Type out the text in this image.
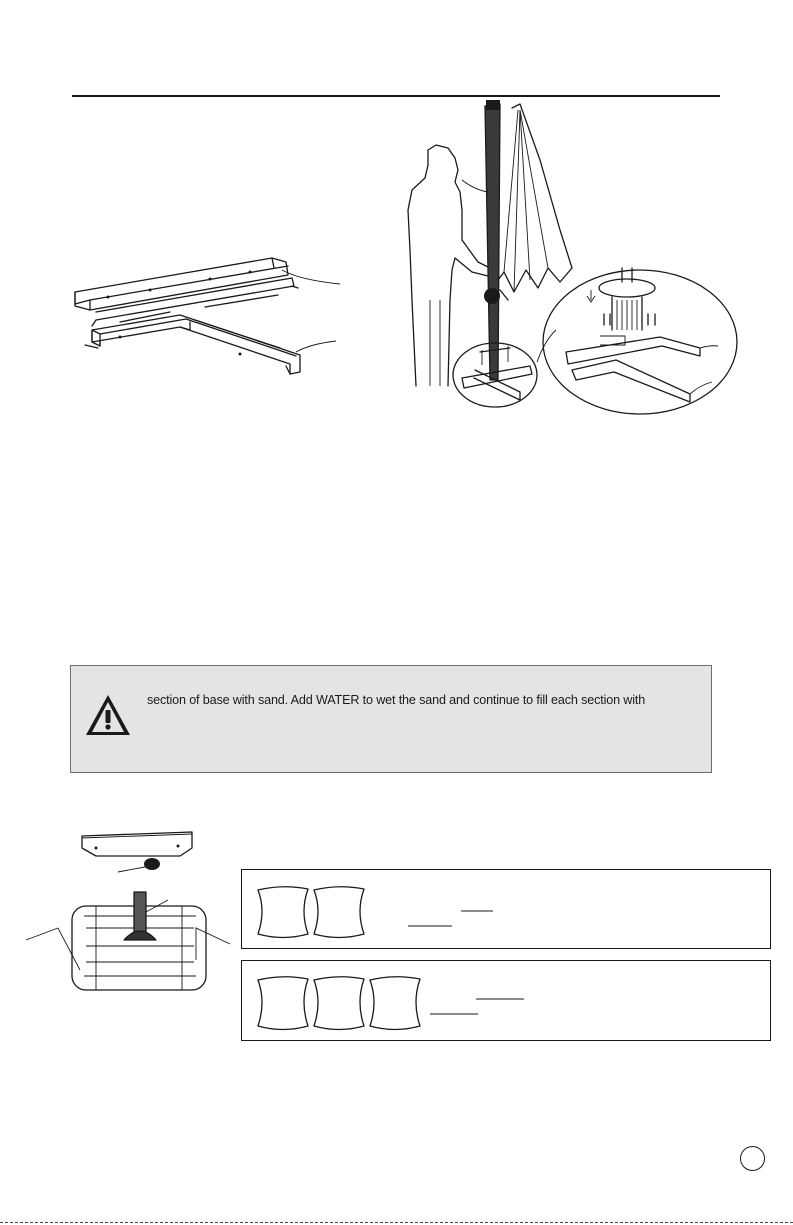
section of base with sand. Add WATER to wet the sand and continue to fill each section with
